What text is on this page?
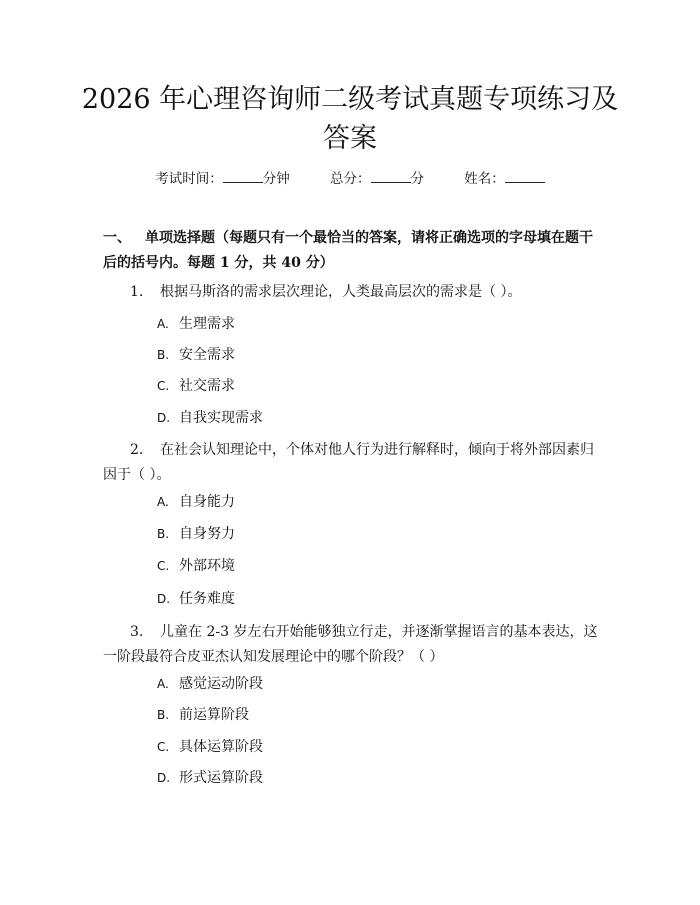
2026 年心理咨询师二级考试真题专项练习及
答案
考试时间：	分钟	总分：	分	姓名：
一、 单项选择题（每题只有一个最恰当的答案，请将正确选项的字母填在题干后的括号内。每题 1 分，共 40 分）
1. 根据马斯洛的需求层次理论，人类最高层次的需求是（ ）。
A. 生理需求
B. 安全需求
C. 社交需求
D. 自我实现需求
2. 在社会认知理论中，个体对他人行为进行解释时，倾向于将外部因素归因于（ ）。
A. 自身能力
B. 自身努力
C. 外部环境
D. 任务难度
3. 儿童在 2-3 岁左右开始能够独立行走，并逐渐掌握语言的基本表达，这一阶段最符合皮亚杰认知发展理论中的哪个阶段？（ ）
A. 感觉运动阶段
B. 前运算阶段
C. 具体运算阶段
D. 形式运算阶段
